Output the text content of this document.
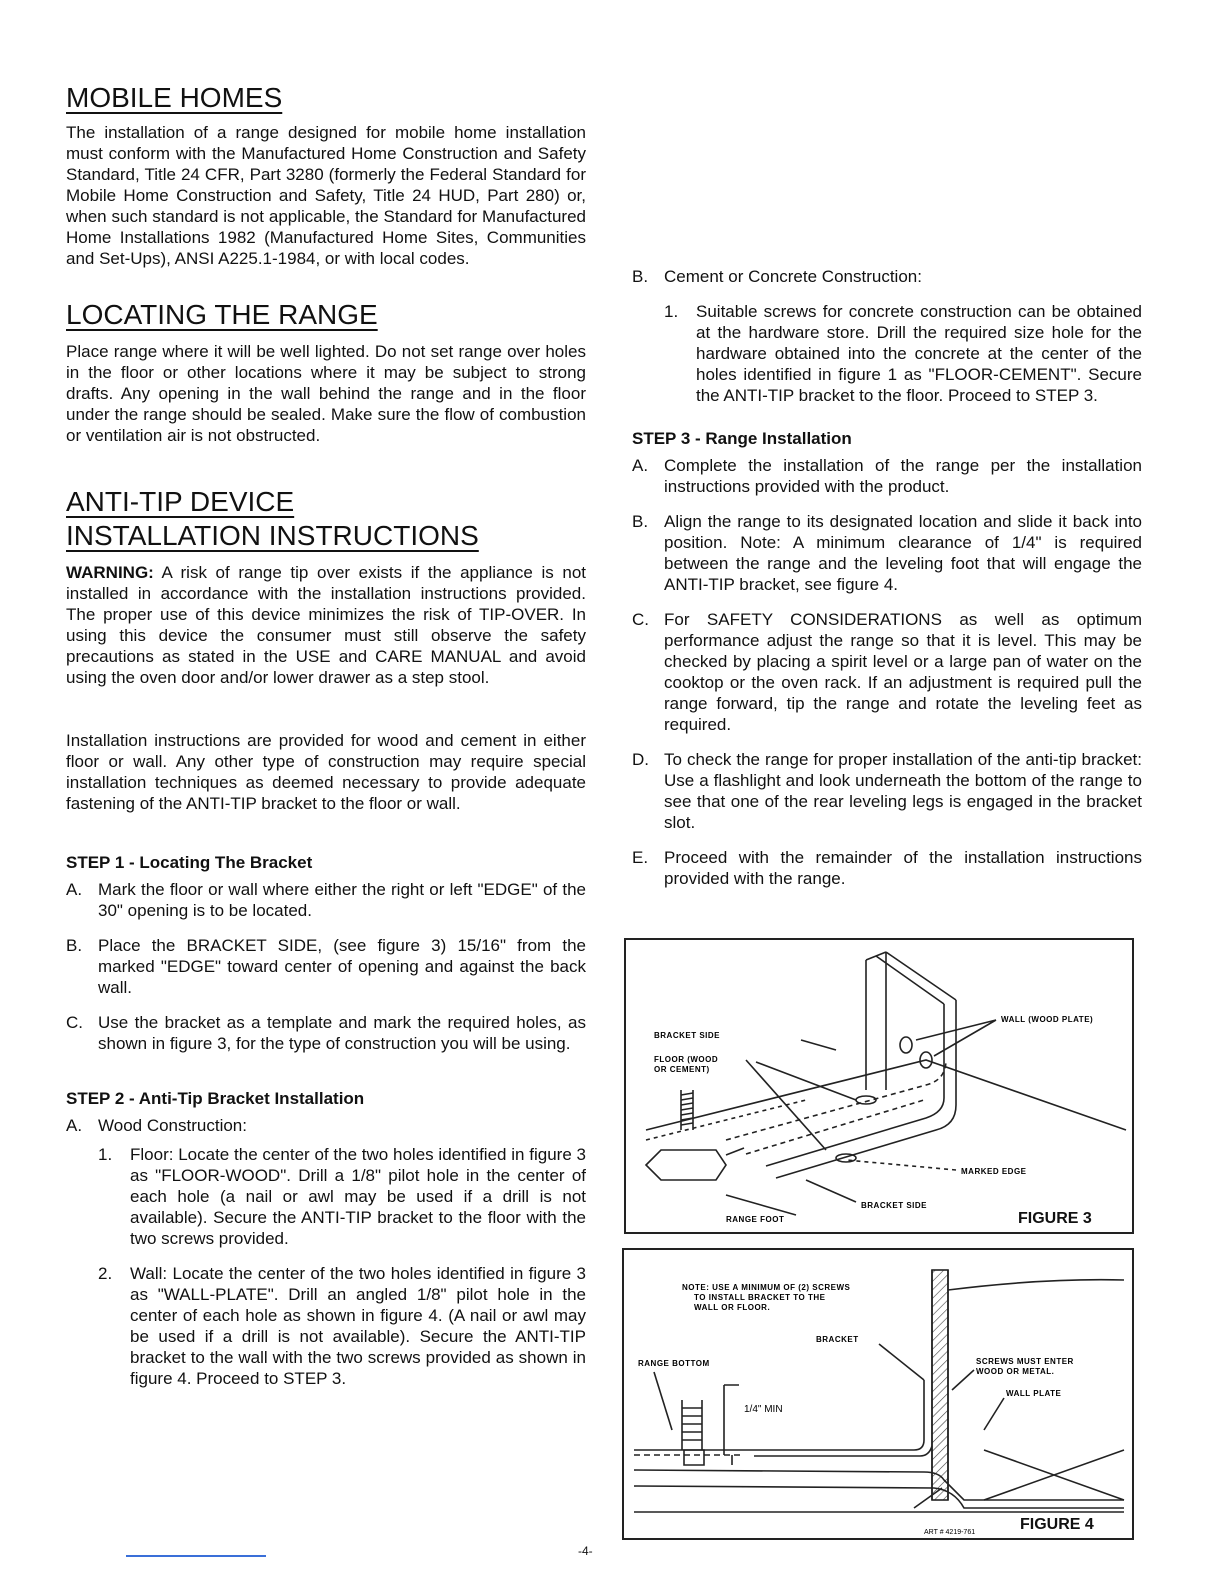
MOBILE HOMES

The installation of a range designed for mobile home installation must conform with the Manufactured Home Construction and Safety Standard, Title 24 CFR, Part 3280 (formerly the Federal Standard for Mobile Home Construction and Safety, Title 24 HUD, Part 280) or, when such standard is not applicable, the Standard for Manufactured Home Installations 1982 (Manufactured Home Sites, Communities and Set-Ups), ANSI A225.1-1984, or with local codes.

LOCATING THE RANGE

Place range where it will be well lighted. Do not set range over holes in the floor or other locations where it may be subject to strong drafts. Any opening in the wall behind the range and in the floor under the range should be sealed. Make sure the flow of combustion or ventilation air is not obstructed.

ANTI-TIP DEVICE
INSTALLATION INSTRUCTIONS

WARNING: A risk of range tip over exists if the appliance is not installed in accordance with the installation instructions provided. The proper use of this device minimizes the risk of TIP-OVER. In using this device the consumer must still observe the safety precautions as stated in the USE and CARE MANUAL and avoid using the oven door and/or lower drawer as a step stool.

Installation instructions are provided for wood and cement in either floor or wall. Any other type of construction may require special installation techniques as deemed necessary to provide adequate fastening of the ANTI-TIP bracket to the floor or wall.

STEP 1 - Locating The Bracket
A. Mark the floor or wall where either the right or left "EDGE" of the 30" opening is to be located.
B. Place the BRACKET SIDE, (see figure 3) 15/16" from the marked "EDGE" toward center of opening and against the back wall.
C. Use the bracket as a template and mark the required holes, as shown in figure 3, for the type of construction you will be using.
STEP 2 - Anti-Tip Bracket Installation
A. Wood Construction:
1.	Floor: Locate the center of the two holes identified in figure 3 as "FLOOR-WOOD". Drill a 1/8" pilot hole in the center of each hole (a nail or awl may be used if a drill is not available). Secure the ANTI-TIP bracket to the floor with the two screws provided.
2.	Wall: Locate the center of the two holes identified in figure 3 as "WALL-PLATE". Drill an angled 1/8" pilot hole in the center of each hole as shown in figure 4. (A nail or awl may be used if a drill is not available). Secure the ANTI-TIP bracket to the wall with the two screws provided as shown in figure 4. Proceed to STEP 3.
B. Cement or Concrete Construction:
1.	Suitable screws for concrete construction can be obtained at the hardware store. Drill the required size hole for the hardware obtained into the concrete at the center of the holes identified in figure 1 as "FLOOR-CEMENT". Secure the ANTI-TIP bracket to the floor. Proceed to STEP 3.
STEP 3 - Range Installation
A. Complete the installation of the range per the installation instructions provided with the product.
B. Align the range to its designated location and slide it back into position. Note: A minimum clearance of 1/4" is required between the range and the leveling foot that will engage the ANTI-TIP bracket, see figure 4.
C. For SAFETY CONSIDERATIONS as well as optimum performance adjust the range so that it is level. This may be checked by placing a spirit level or a large pan of water on the cooktop or the oven rack. If an adjustment is required pull the range forward, tip the range and rotate the leveling feet as required.
D. To check the range for proper installation of the anti-tip bracket: Use a flashlight and look underneath the bottom of the range to see that one of the rear leveling legs is engaged in the bracket slot.
E. Proceed with the remainder of the installation instructions provided with the range.
BRACKET SIDE
FLOOR (WOOD
OR CEMENT)
WALL (WOOD PLATE)
MARKED EDGE
BRACKET SIDE
RANGE FOOT	FIGURE 3
NOTE: USE A MINIMUM OF (2) SCREWS
TO INSTALL BRACKET TO THE
WALL OR FLOOR.
BRACKET
RANGE BOTTOM	SCREWS MUST ENTER
WOOD OR METAL.
WALL PLATE
1/4" MIN
ART # 4219-761	FIGURE 4
-4-
